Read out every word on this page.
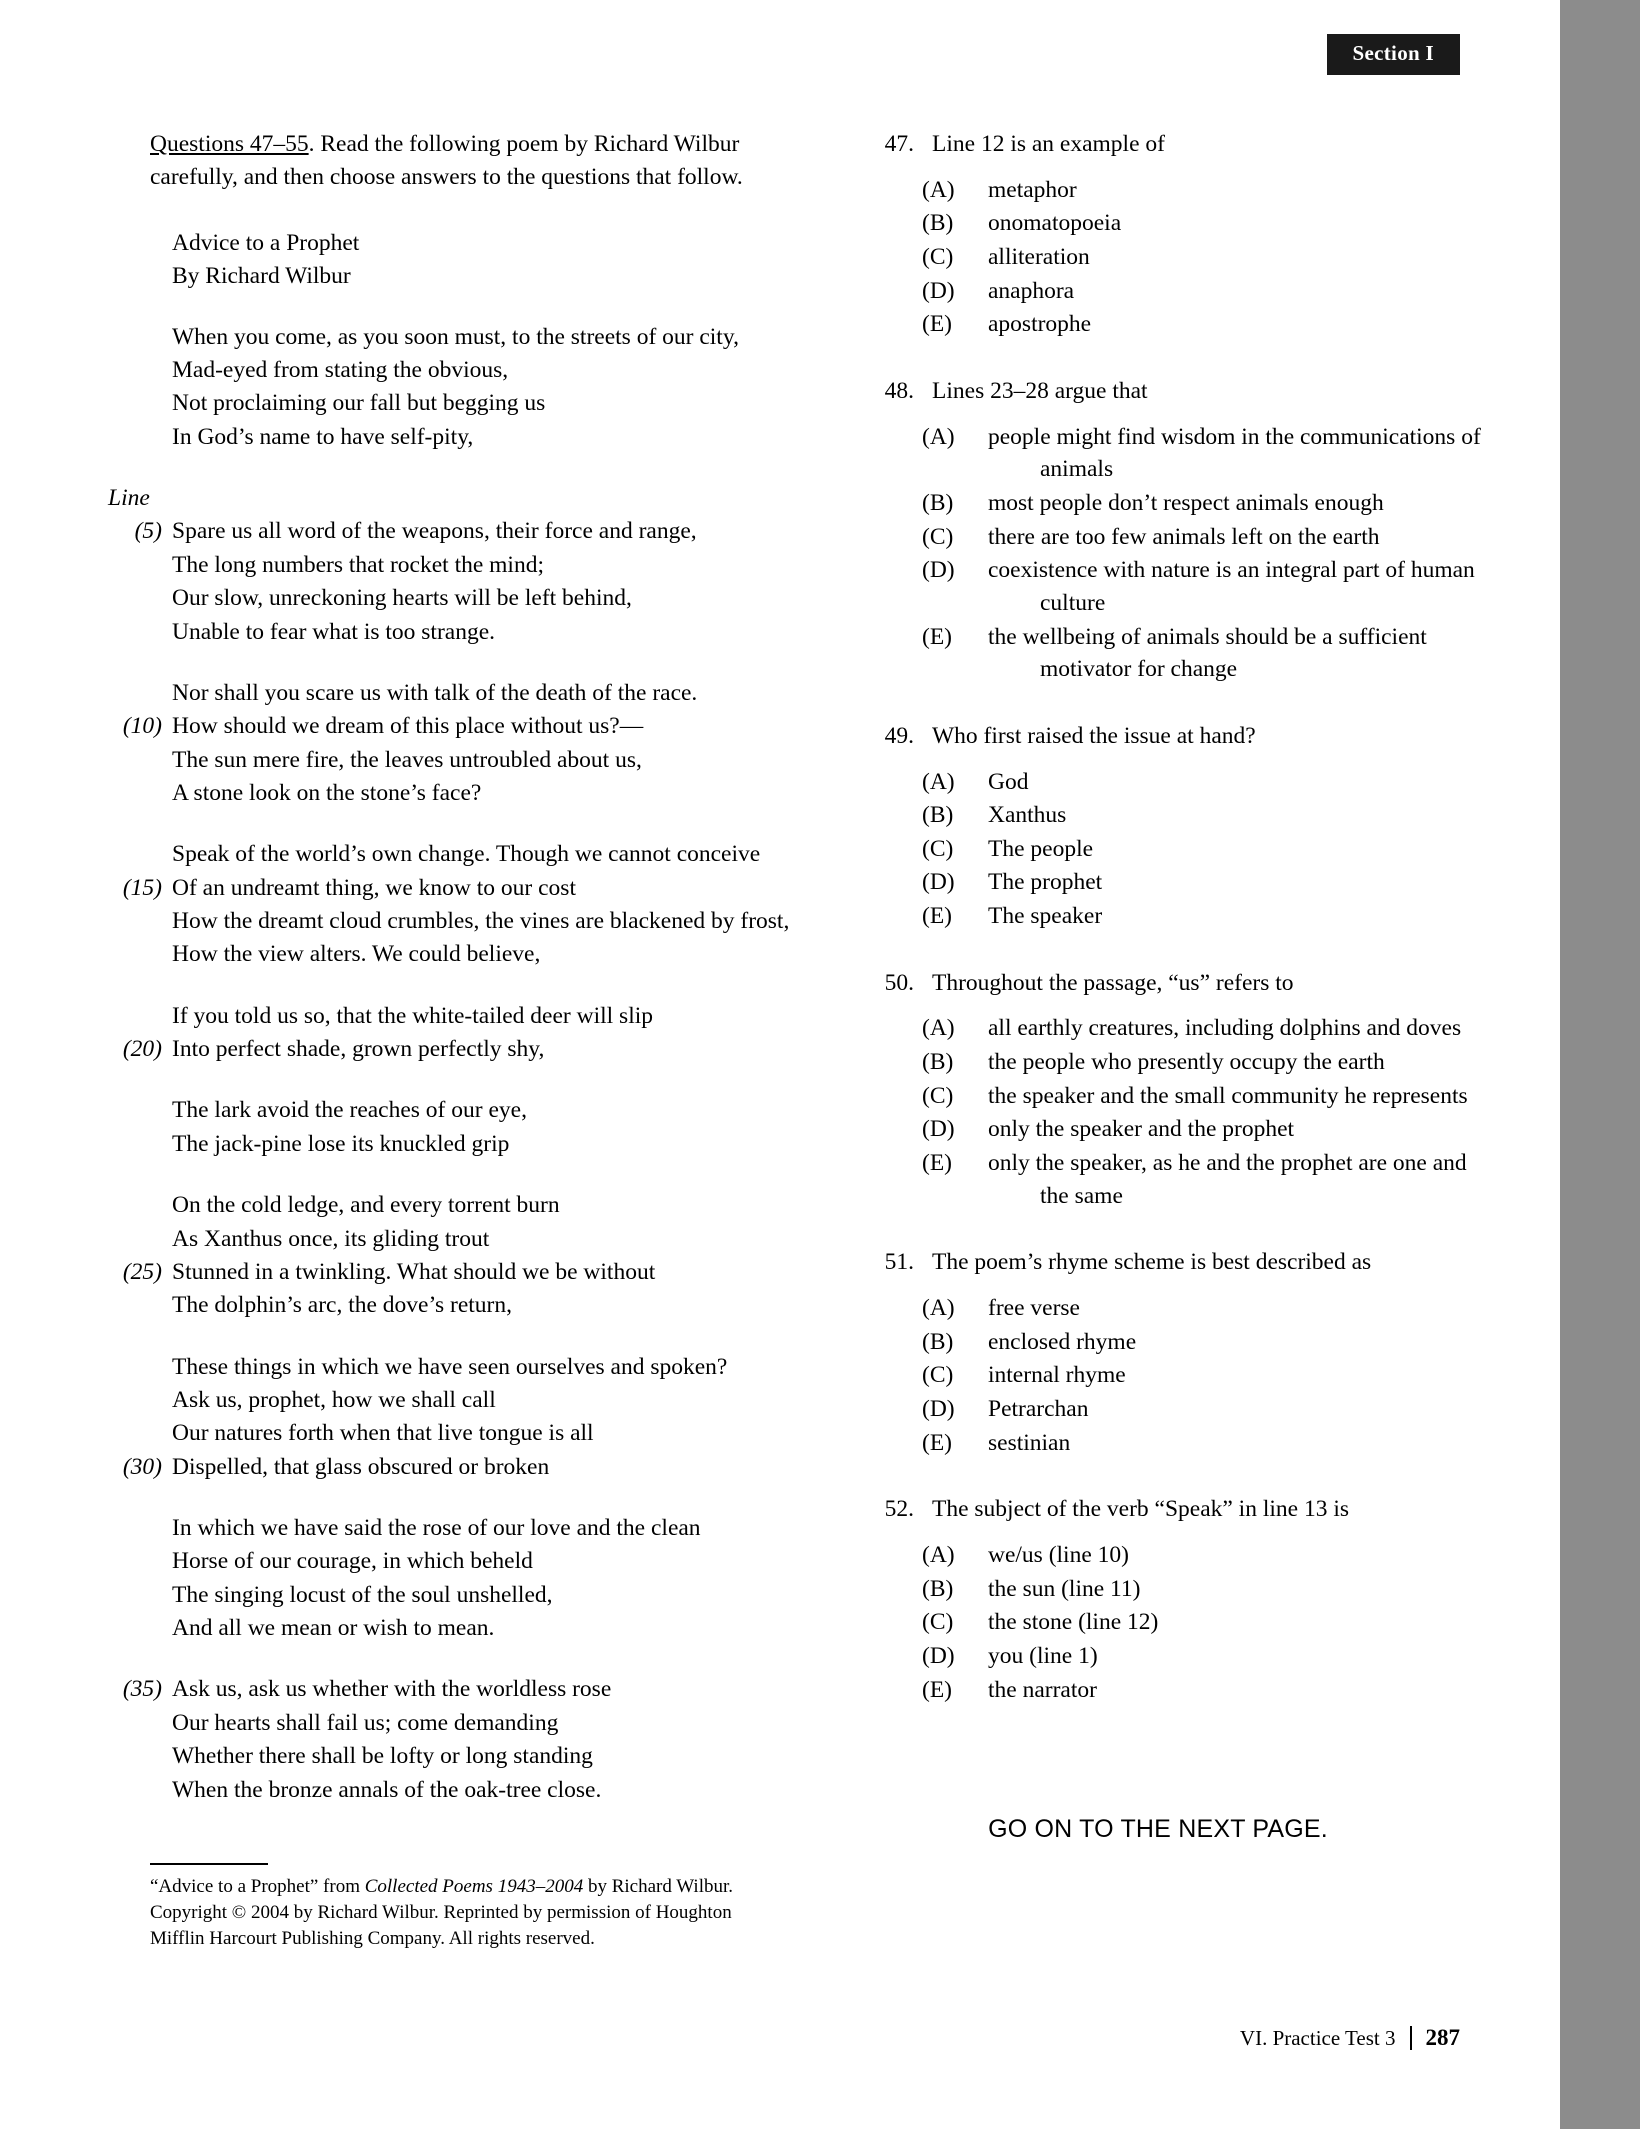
Section I
Questions 47–55. Read the following poem by Richard Wilbur carefully, and then choose answers to the questions that follow.
Advice to a Prophet
By Richard Wilbur
When you come, as you soon must, to the streets of our city,
Mad-eyed from stating the obvious,
Not proclaiming our fall but begging us
In God’s name to have self-pity,
Line
(5) Spare us all word of the weapons, their force and range,
The long numbers that rocket the mind;
Our slow, unreckoning hearts will be left behind,
Unable to fear what is too strange.
Nor shall you scare us with talk of the death of the race.
(10) How should we dream of this place without us?—
The sun mere fire, the leaves untroubled about us,
A stone look on the stone’s face?
Speak of the world’s own change. Though we cannot conceive
(15) Of an undreamt thing, we know to our cost
How the dreamt cloud crumbles, the vines are blackened by frost,
How the view alters. We could believe,
If you told us so, that the white-tailed deer will slip
(20) Into perfect shade, grown perfectly shy,
The lark avoid the reaches of our eye,
The jack-pine lose its knuckled grip
On the cold ledge, and every torrent burn
As Xanthus once, its gliding trout
(25) Stunned in a twinkling. What should we be without
The dolphin’s arc, the dove’s return,
These things in which we have seen ourselves and spoken?
Ask us, prophet, how we shall call
Our natures forth when that live tongue is all
(30) Dispelled, that glass obscured or broken
In which we have said the rose of our love and the clean
Horse of our courage, in which beheld
The singing locust of the soul unshelled,
And all we mean or wish to mean.
(35) Ask us, ask us whether with the worldless rose
Our hearts shall fail us; come demanding
Whether there shall be lofty or long standing
When the bronze annals of the oak-tree close.
“Advice to a Prophet” from Collected Poems 1943–2004 by Richard Wilbur. Copyright © 2004 by Richard Wilbur. Reprinted by permission of Houghton Mifflin Harcourt Publishing Company. All rights reserved.
47. Line 12 is an example of
(A)	metaphor
(B)	onomatopoeia
(C)	alliteration
(D)	anaphora
(E)	apostrophe
48. Lines 23–28 argue that
(A)	people might find wisdom in the communications of
animals
(B)	most people don’t respect animals enough
(C)	there are too few animals left on the earth
(D)	coexistence with nature is an integral part of human
culture
(E)	the wellbeing of animals should be a sufficient
motivator for change
49. Who first raised the issue at hand?
(A)	God
(B)	Xanthus
(C)	The people
(D)	The prophet
(E)	The speaker
50. Throughout the passage, “us” refers to
(A)	all earthly creatures, including dolphins and doves
(B)	the people who presently occupy the earth
(C)	the speaker and the small community he represents
(D)	only the speaker and the prophet
(E)	only the speaker, as he and the prophet are one and
the same
51. The poem’s rhyme scheme is best described as
(A)	free verse
(B)	enclosed rhyme
(C)	internal rhyme
(D)	Petrarchan
(E)	sestinian
52. The subject of the verb “Speak” in line 13 is
(A)	we/us (line 10)
(B)	the sun (line 11)
(C)	the stone (line 12)
(D)	you (line 1)
(E)	the narrator
GO ON TO THE NEXT PAGE.
VI. Practice Test 3 287
